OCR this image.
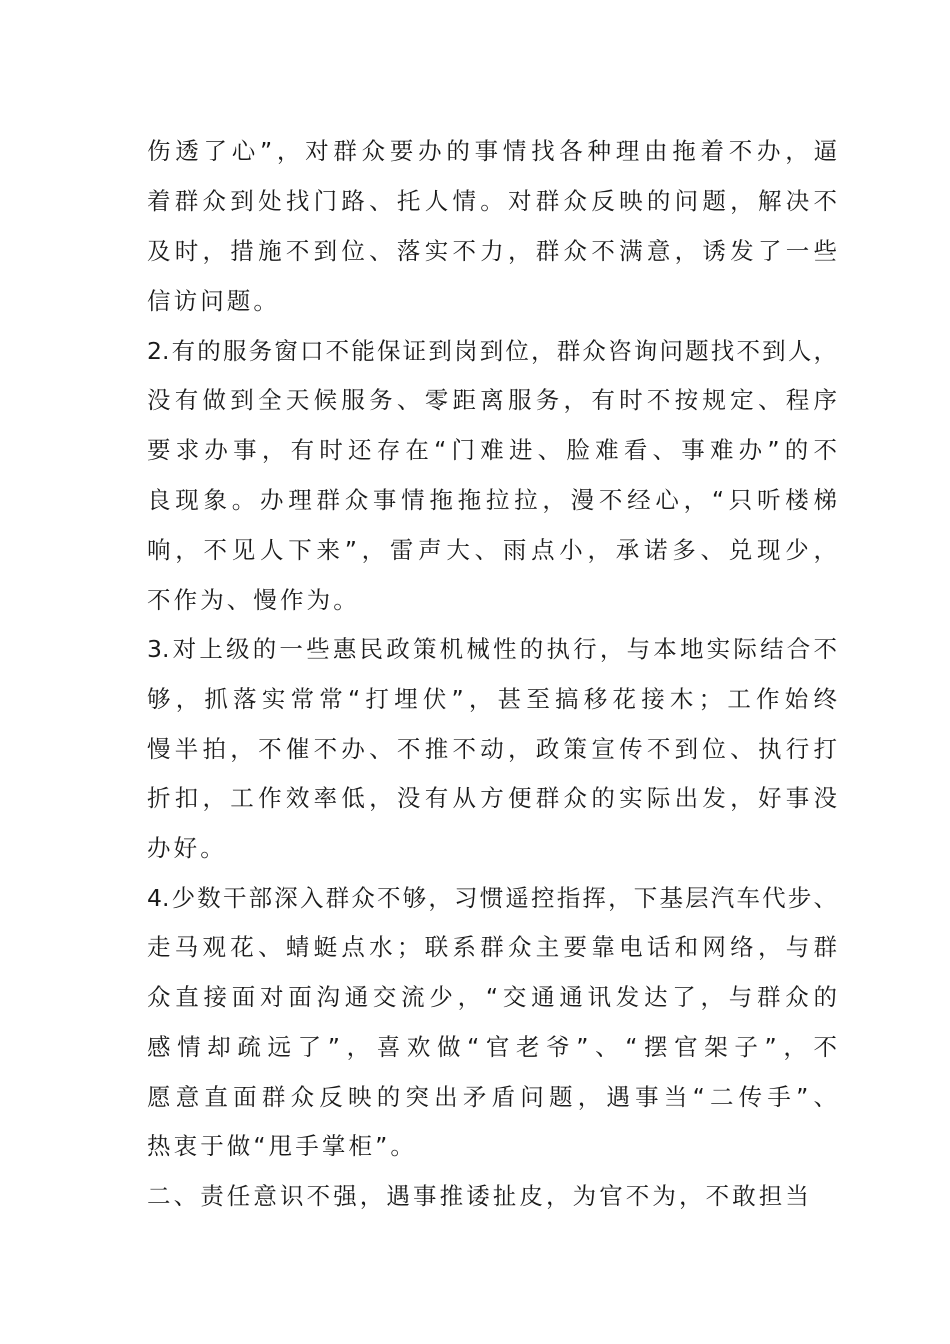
伤透了心”，对群众要办的事情找各种理由拖着不办，逼
着群众到处找门路、托人情。对群众反映的问题，解决不
及时，措施不到位、落实不力，群众不满意，诱发了一些
信访问题。
2.有的服务窗口不能保证到岗到位，群众咨询问题找不到人，
没有做到全天候服务、零距离服务，有时不按规定、程序
要求办事，有时还存在“门难进、脸难看、事难办”的不
良现象。办理群众事情拖拖拉拉，漫不经心，“只听楼梯
响，不见人下来”，雷声大、雨点小，承诺多、兑现少，
不作为、慢作为。
3.对上级的一些惠民政策机械性的执行，与本地实际结合不
够，抓落实常常“打埋伏”，甚至搞移花接木；工作始终
慢半拍，不催不办、不推不动，政策宣传不到位、执行打
折扣，工作效率低，没有从方便群众的实际出发，好事没
办好。
4.少数干部深入群众不够，习惯遥控指挥，下基层汽车代步、
走马观花、蜻蜓点水；联系群众主要靠电话和网络，与群
众直接面对面沟通交流少，“交通通讯发达了，与群众的
感情却疏远了”，喜欢做“官老爷”、“摆官架子”，不
愿意直面群众反映的突出矛盾问题，遇事当“二传手”、
热衷于做“甩手掌柜”。
二、责任意识不强，遇事推诿扯皮，为官不为，不敢担当
